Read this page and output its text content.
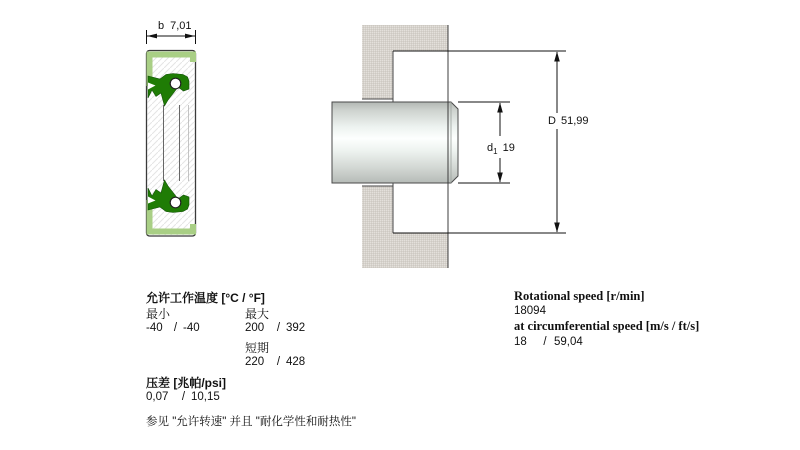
b 7,01
D 51,99
$d_1$ 19
允许工作温度 [°C / °F]
最小	最大
-40 / -40	200 / 392
短期
220 / 428
压差 [兆帕/psi]
0,07 / 10,15
参见 "允许转速" 并且 "耐化学性和耐热性"
Rotational speed [r/min]
18094
at circumferential speed [m/s / ft/s]
18 / 59,04
